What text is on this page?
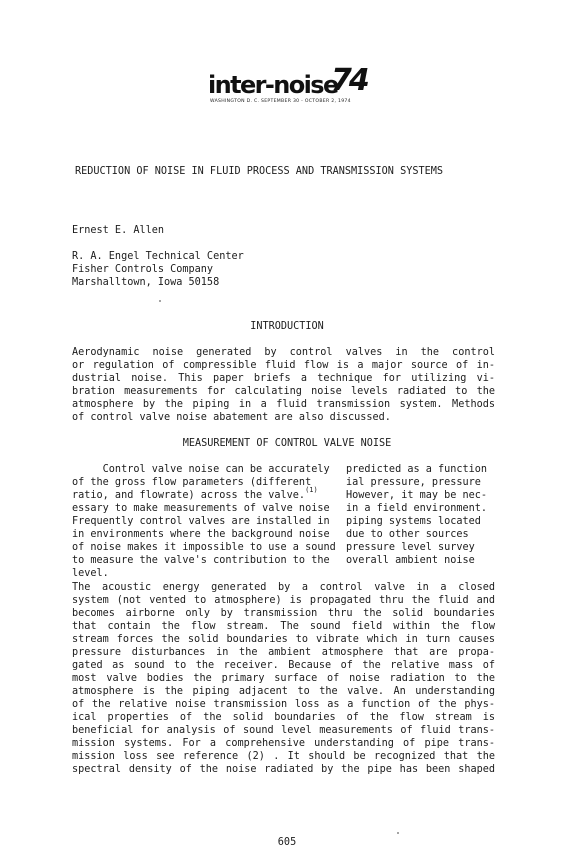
inter-noise
74
WASHINGTON D. C. SEPTEMBER 30 - OCTOBER 2, 1974
REDUCTION OF NOISE IN FLUID PROCESS AND TRANSMISSION SYSTEMS
Ernest E. Allen
R. A. Engel Technical Center
Fisher Controls Company
Marshalltown, Iowa 50158
INTRODUCTION
Aerodynamic noise generated by control valves in the control
or regulation of compressible fluid flow is a major source of in-
dustrial noise. This paper briefs a technique for utilizing vi-
bration measurements for calculating noise levels radiated to the
atmosphere by the piping in a fluid transmission system. Methods
of control valve noise abatement are also discussed.
MEASUREMENT OF CONTROL VALVE NOISE
Control valve noise can be accurately
of the gross flow parameters (different
ratio, and flowrate) across the valve.$^{(1)}$
essary to make measurements of valve noise
Frequently control valves are installed in
in environments where the background noise
of noise makes it impossible to use a sound
to measure the valve's contribution to the
level.
predicted as a function
ial pressure, pressure
However, it may be nec-
in a field environment.
piping systems located
due to other sources
pressure level survey
overall ambient noise
The acoustic energy generated by a control valve in a closed
system (not vented to atmosphere) is propagated thru the fluid and
becomes airborne only by transmission thru the solid boundaries
that contain the flow stream. The sound field within the flow
stream forces the solid boundaries to vibrate which in turn causes
pressure disturbances in the ambient atmosphere that are propa-
gated as sound to the receiver. Because of the relative mass of
most valve bodies the primary surface of noise radiation to the
atmosphere is the piping adjacent to the valve. An understanding
of the relative noise transmission loss as a function of the phys-
ical properties of the solid boundaries of the flow stream is
beneficial for analysis of sound level measurements of fluid trans-
mission systems. For a comprehensive understanding of pipe trans-
mission loss see reference (2) . It should be recognized that the
spectral density of the noise radiated by the pipe has been shaped
605
